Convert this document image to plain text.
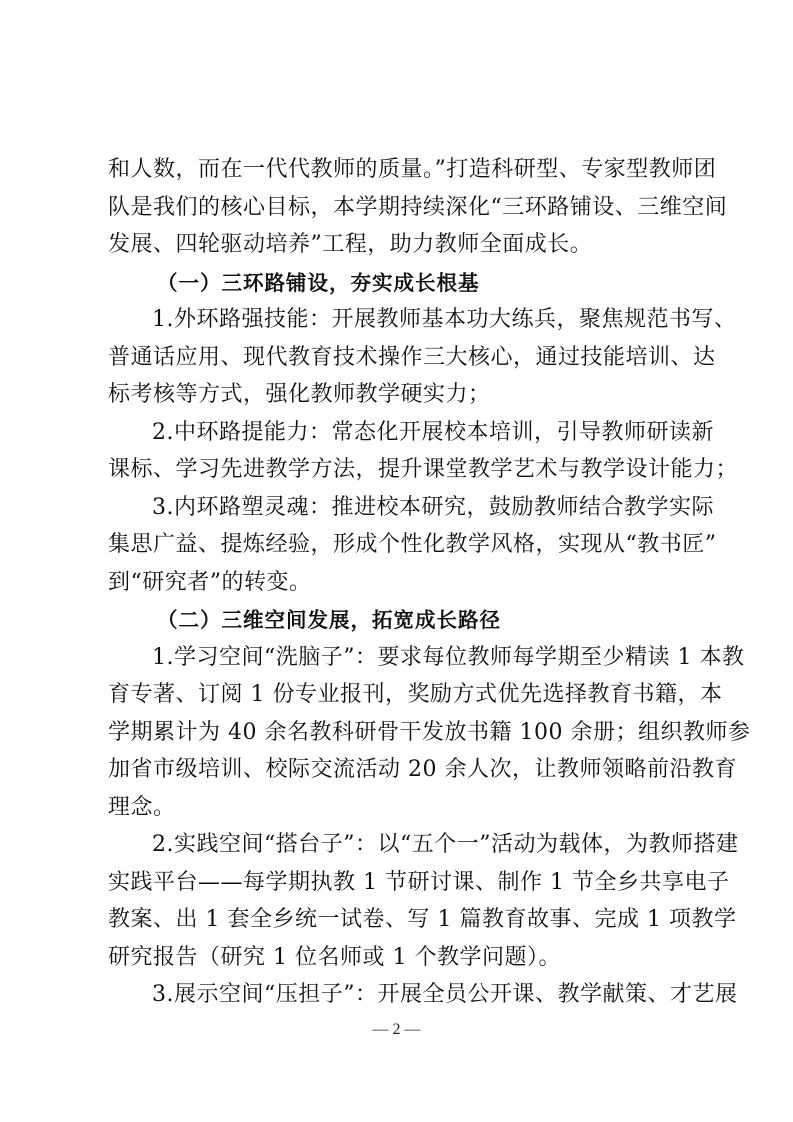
和人数，而在一代代教师的质量。”打造科研型、专家型教师团
队是我们的核心目标，本学期持续深化“三环路铺设、三维空间
发展、四轮驱动培养”工程，助力教师全面成长。
（一）三环路铺设，夯实成长根基
1.外环路强技能：开展教师基本功大练兵，聚焦规范书写、
普通话应用、现代教育技术操作三大核心，通过技能培训、达
标考核等方式，强化教师教学硬实力；
2.中环路提能力：常态化开展校本培训，引导教师研读新
课标、学习先进教学方法，提升课堂教学艺术与教学设计能力；
3.内环路塑灵魂：推进校本研究，鼓励教师结合教学实际
集思广益、提炼经验，形成个性化教学风格，实现从“教书匠”
到“研究者”的转变。
（二）三维空间发展，拓宽成长路径
1.学习空间“洗脑子”：要求每位教师每学期至少精读 1 本教
育专著、订阅 1 份专业报刊，奖励方式优先选择教育书籍，本
学期累计为 40 余名教科研骨干发放书籍 100 余册；组织教师参
加省市级培训、校际交流活动 20 余人次，让教师领略前沿教育
理念。
2.实践空间“搭台子”：以“五个一”活动为载体，为教师搭建
实践平台——每学期执教 1 节研讨课、制作 1 节全乡共享电子
教案、出 1 套全乡统一试卷、写 1 篇教育故事、完成 1 项教学
研究报告（研究 1 位名师或 1 个教学问题）。
3.展示空间“压担子”：开展全员公开课、教学献策、才艺展
— 2 —
